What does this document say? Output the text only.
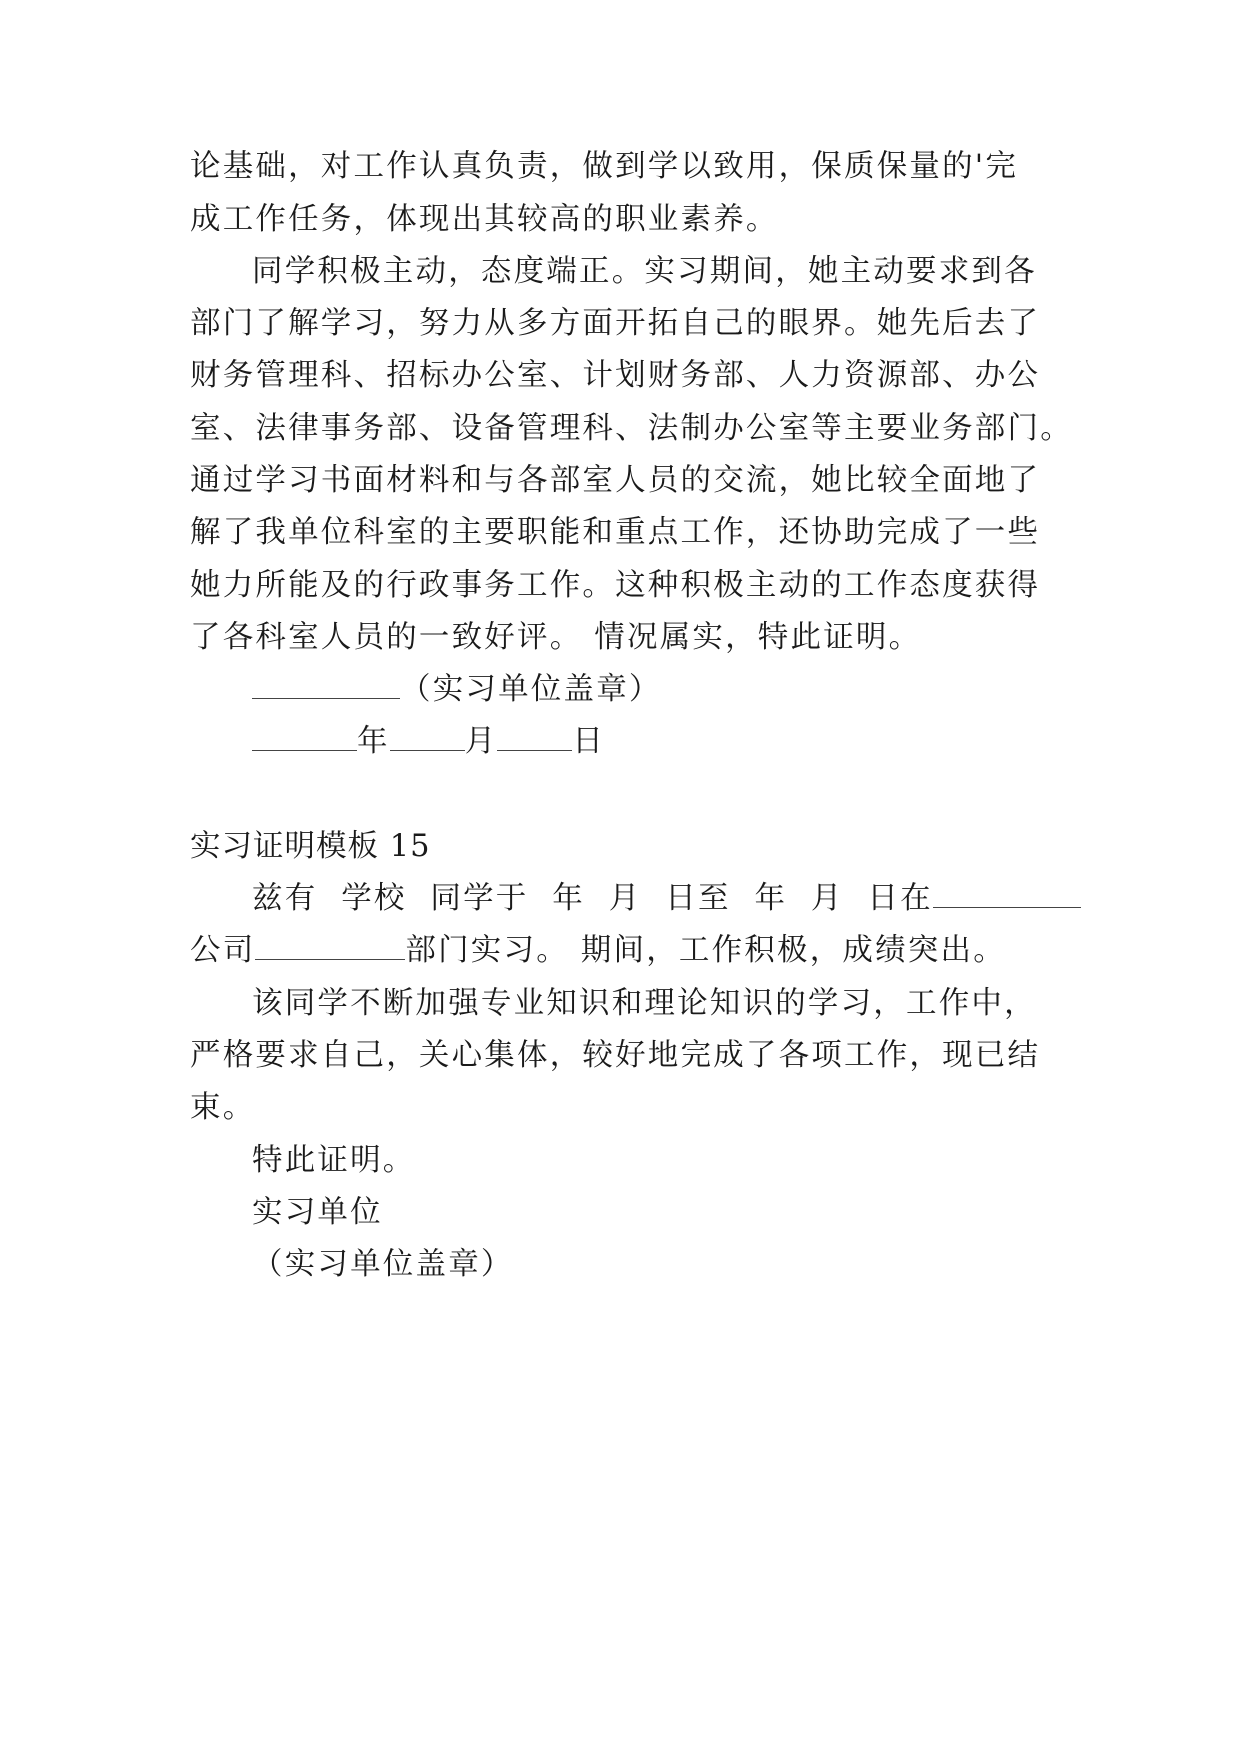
论基础，对工作认真负责，做到学以致用，保质保量的'完
成工作任务，体现出其较高的职业素养。
同学积极主动，态度端正。实习期间，她主动要求到各
部门了解学习，努力从多方面开拓自己的眼界。她先后去了
财务管理科、招标办公室、计划财务部、人力资源部、办公
室、法律事务部、设备管理科、法制办公室等主要业务部门。
通过学习书面材料和与各部室人员的交流，她比较全面地了
解了我单位科室的主要职能和重点工作，还协助完成了一些
她力所能及的行政事务工作。这种积极主动的工作态度获得
了各科室人员的一致好评。 情况属实，特此证明。
（实习单位盖章）
年 月 日
实习证明模板 15
兹有  学校  同学于  年  月  日至  年  月  日在
公司	部门实习。 期间，工作积极，成绩突出。
该同学不断加强专业知识和理论知识的学习，工作中，
严格要求自己，关心集体，较好地完成了各项工作，现已结
束。
特此证明。
实习单位
（实习单位盖章）
